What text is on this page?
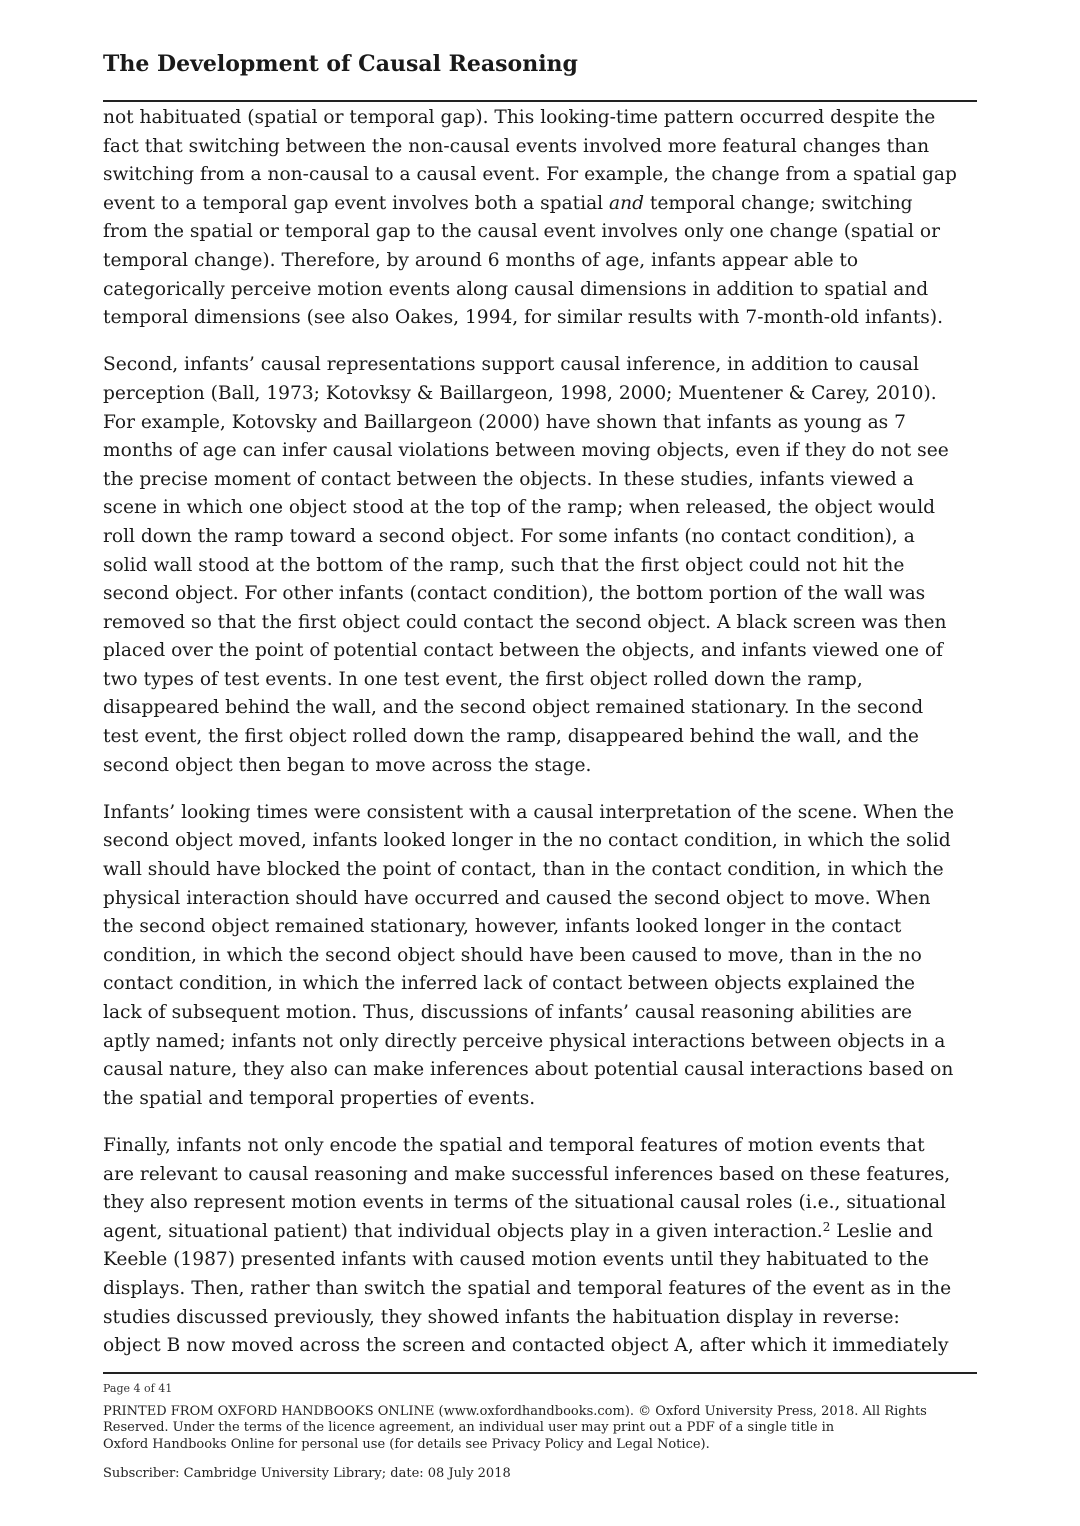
The Development of Causal Reasoning

not habituated (spatial or temporal gap). This looking-time pattern occurred despite the
fact that switching between the non-causal events involved more featural changes than
switching from a non-causal to a causal event. For example, the change from a spatial gap
event to a temporal gap event involves both a spatial and temporal change; switching
from the spatial or temporal gap to the causal event involves only one change (spatial or
temporal change). Therefore, by around 6 months of age, infants appear able to
categorically perceive motion events along causal dimensions in addition to spatial and
temporal dimensions (see also Oakes, 1994, for similar results with 7-month-old infants).

Second, infants’ causal representations support causal inference, in addition to causal
perception (Ball, 1973; Kotovksy & Baillargeon, 1998, 2000; Muentener & Carey, 2010).
For example, Kotovsky and Baillargeon (2000) have shown that infants as young as 7
months of age can infer causal violations between moving objects, even if they do not see
the precise moment of contact between the objects. In these studies, infants viewed a
scene in which one object stood at the top of the ramp; when released, the object would
roll down the ramp toward a second object. For some infants (no contact condition), a
solid wall stood at the bottom of the ramp, such that the first object could not hit the
second object. For other infants (contact condition), the bottom portion of the wall was
removed so that the first object could contact the second object. A black screen was then
placed over the point of potential contact between the objects, and infants viewed one of
two types of test events. In one test event, the first object rolled down the ramp,
disappeared behind the wall, and the second object remained stationary. In the second
test event, the first object rolled down the ramp, disappeared behind the wall, and the
second object then began to move across the stage.

Infants’ looking times were consistent with a causal interpretation of the scene. When the
second object moved, infants looked longer in the no contact condition, in which the solid
wall should have blocked the point of contact, than in the contact condition, in which the
physical interaction should have occurred and caused the second object to move. When
the second object remained stationary, however, infants looked longer in the contact
condition, in which the second object should have been caused to move, than in the no
contact condition, in which the inferred lack of contact between objects explained the
lack of subsequent motion. Thus, discussions of infants’ causal reasoning abilities are
aptly named; infants not only directly perceive physical interactions between objects in a
causal nature, they also can make inferences about potential causal interactions based on
the spatial and temporal properties of events.

Finally, infants not only encode the spatial and temporal features of motion events that
are relevant to causal reasoning and make successful inferences based on these features,
they also represent motion events in terms of the situational causal roles (i.e., situational
agent, situational patient) that individual objects play in a given interaction.$^2$ Leslie and
Keeble (1987) presented infants with caused motion events until they habituated to the
displays. Then, rather than switch the spatial and temporal features of the event as in the
studies discussed previously, they showed infants the habituation display in reverse:
object B now moved across the screen and contacted object A, after which it immediately

Page 4 of 41
PRINTED FROM OXFORD HANDBOOKS ONLINE (www.oxfordhandbooks.com). © Oxford University Press, 2018. All Rights
Reserved. Under the terms of the licence agreement, an individual user may print out a PDF of a single title in
Oxford Handbooks Online for personal use (for details see Privacy Policy and Legal Notice).
Subscriber: Cambridge University Library; date: 08 July 2018
